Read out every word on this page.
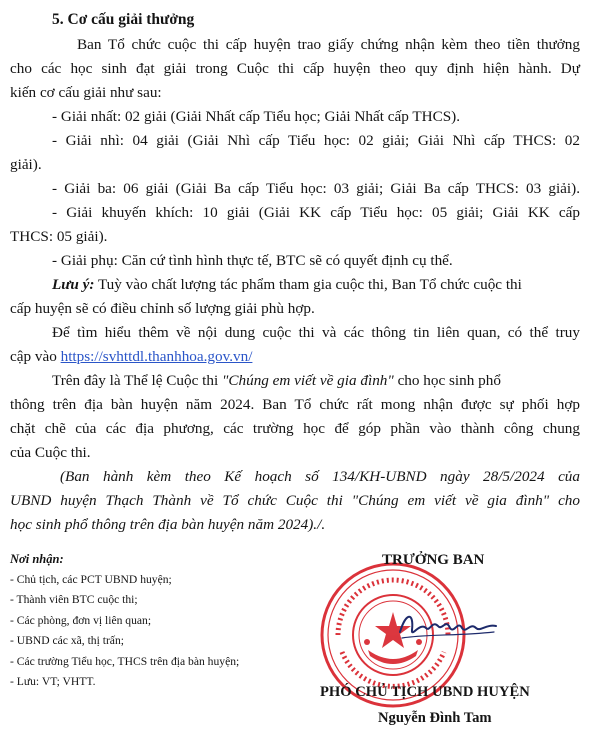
5. Cơ cấu giải thưởng
Ban Tổ chức cuộc thi cấp huyện trao giấy chứng nhận kèm theo tiền thưởng
cho các học sinh đạt giải trong Cuộc thi cấp huyện theo quy định hiện hành. Dự
kiến cơ cấu giải như sau:
- Giải nhất: 02 giải (Giải Nhất cấp Tiểu học; Giải Nhất cấp THCS).
- Giải nhì: 04 giải (Giải Nhì cấp Tiểu học: 02 giải; Giải Nhì cấp THCS: 02
giải).
- Giải ba: 06 giải (Giải Ba cấp Tiểu học: 03 giải; Giải Ba cấp THCS: 03 giải).
- Giải khuyến khích: 10 giải (Giải KK cấp Tiểu học: 05 giải; Giải KK cấp
THCS: 05 giải).
- Giải phụ: Căn cứ tình hình thực tế, BTC sẽ có quyết định cụ thể.
Lưu ý: Tuỳ vào chất lượng tác phẩm tham gia cuộc thi, Ban Tổ chức cuộc thi
cấp huyện sẽ có điều chỉnh số lượng giải phù hợp.
Để tìm hiểu thêm về nội dung cuộc thi và các thông tin liên quan, có thể truy
cập vào https://svhttdl.thanhhoa.gov.vn/
Trên đây là Thể lệ Cuộc thi "Chúng em viết về gia đình" cho học sinh phổ
thông trên địa bàn huyện năm 2024. Ban Tổ chức rất mong nhận được sự phối hợp
chặt chẽ của các địa phương, các trường học để góp phần vào thành công chung
của Cuộc thi.
(Ban hành kèm theo Kế hoạch số 134/KH-UBND ngày 28/5/2024 của
UBND huyện Thạch Thành về Tổ chức Cuộc thi "Chúng em viết về gia đình" cho
học sinh phổ thông trên địa bàn huyện năm 2024)./.
Nơi nhận:
- Chủ tịch, các PCT UBND huyện;
- Thành viên BTC cuộc thi;
- Các phòng, đơn vị liên quan;
- UBND các xã, thị trấn;
- Các trường Tiểu học, THCS trên địa bàn huyện;
- Lưu: VT; VHTT.
TRƯỞNG BAN
PHÓ CHỦ TỊCH UBND HUYỆN
Nguyễn Đình Tam
